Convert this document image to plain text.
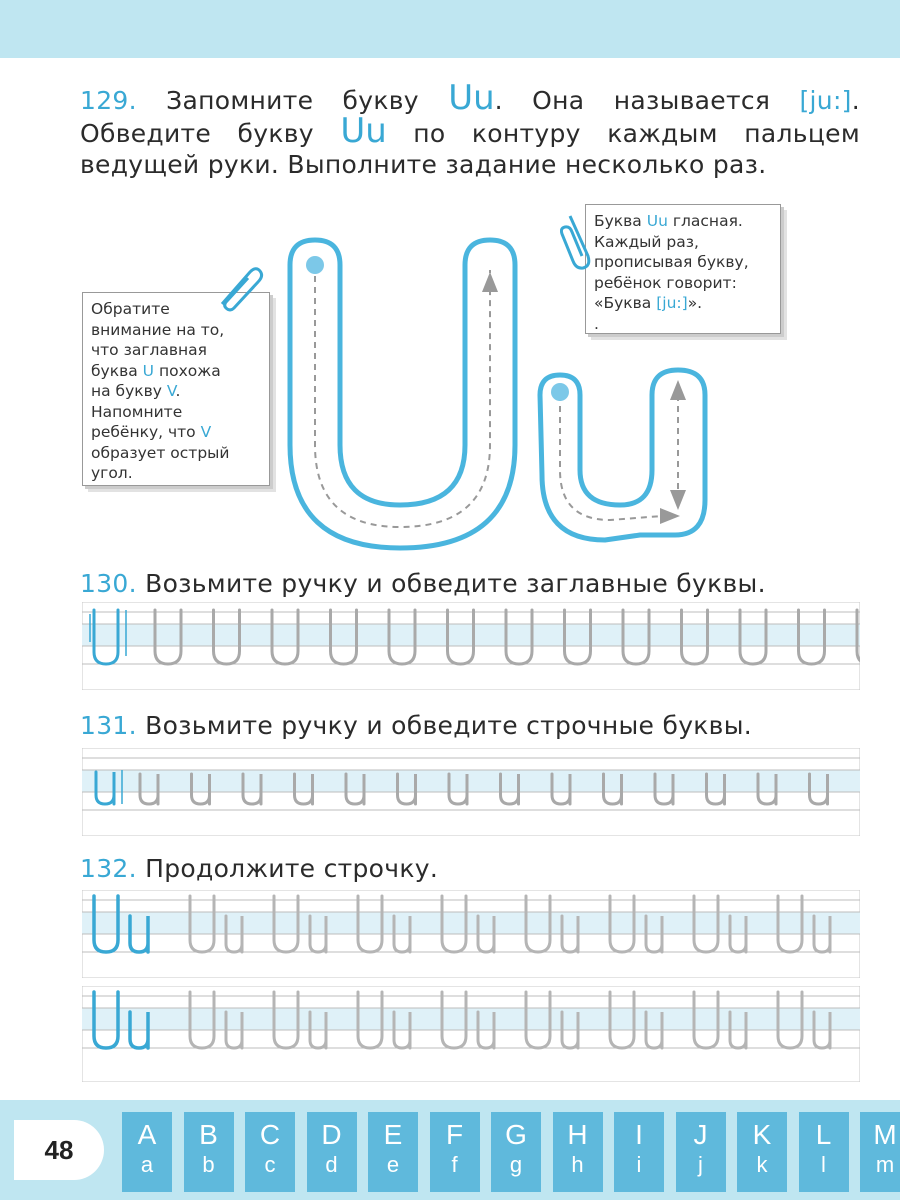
129. Запомните букву Uu. Она называется [ju:]. Обведите букву Uu по контуру каждым пальцем
ведущей руки. Выполните задание несколько раз.
Обратите
внимание на то,
что заглавная
буква U похожа
на букву V.
Напомните
ребёнку, что V
образует острый
угол.
Буква Uu гласная.
Каждый раз,
прописывая букву,
ребёнок говорит:
«Буква [ju:]».
.
130. Возьмите ручку и обведите заглавные буквы.
131. Возьмите ручку и обведите строчные буквы.
132. Продолжите строчку.
48	A
a
B
b
C
c
D
d
E
e
F
f
G
g
H
h
I
i
J
j
K
k
L
l
M
m
